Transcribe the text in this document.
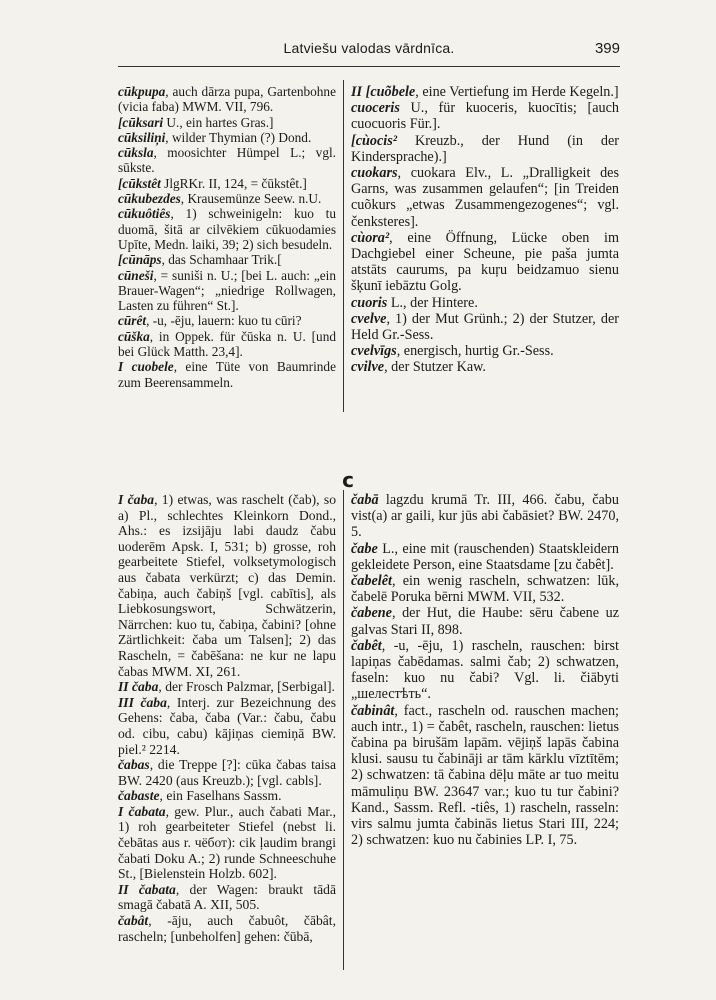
Latviešu valodas vārdnīca.	399

cūkpupa, auch dārza pupa, Gartenbohne (vicia faba) MWM. VII, 796.

[cūksari U., ein hartes Gras.]

cūksiliņi, wilder Thymian (?) Dond.

cūksla, moosichter Hümpel L.; vgl. sūkste.

[cūkstêt JlgRKr. II, 124, = čūkstêt.]

cūkubezdes, Krausemünze Seew. n.U.

cūkuôtiês, 1) schweinigeln: kuo tu duomā, šitā ar cilvēkiem cūkuodamies Upīte, Medn. laiki, 39; 2) sich besudeln.

[cūnāps, das Schamhaar Trik.[

cūneši, = suniši n. U.; [bei L. auch: „ein Brauer-Wagen“; „niedrige Rollwagen, Lasten zu führen“ St.].

cūrêt, -u, -ēju, lauern: kuo tu cūri?

cūška, in Oppek. für čūska n. U. [und bei Glück Matth. 23,4].

I cuobele, eine Tüte von Baumrinde zum Beerensammeln.

II [cuõbele, eine Vertiefung im Herde Kegeln.]

cuoceris U., für kuoceris, kuocītis; [auch cuocuoris Für.].

[cùocis² Kreuzb., der Hund (in der Kindersprache).]

cuokars, cuokara Elv., L. „Dralligkeit des Garns, was zusammen gelaufen“; [in Treiden cuõkurs „etwas Zusammengezogenes“; vgl. čenksteres].

cùora², eine Öffnung, Lücke oben im Dachgiebel einer Scheune, pie paša jumta atstāts caurums, pa kuŗu beidzamuo sienu šķunī iebāztu Golg.

cuoris L., der Hintere.

cvelve, 1) der Mut Grünh.; 2) der Stutzer, der Held Gr.-Sess.

cvelvīgs, energisch, hurtig Gr.-Sess.

cvilve, der Stutzer Kaw.

c

I čaba, 1) etwas, was raschelt (čab), so a) Pl., schlechtes Kleinkorn Dond., Ahs.: es izsijāju labi daudz čabu uoderēm Apsk. I, 531; b) grosse, roh gearbeitete Stiefel, volksetymologisch aus čabata verkürzt; c) das Demin. čabiņa, auch čabiņš [vgl. cabītis], als Liebkosungswort, Schwätzerin, Närrchen: kuo tu, čabiņa, čabini? [ohne Zärtlichkeit: čaba um Talsen]; 2) das Rascheln, = čabēšana: ne kur ne lapu čabas MWM. XI, 261.

II čaba, der Frosch Palzmar, [Serbigal].

III čaba, Interj. zur Bezeichnung des Gehens: čaba, čaba (Var.: čabu, čabu od. cibu, cabu) kājiņas ciemiņā BW. piel.² 2214.

čabas, die Treppe [?]: cūka čabas taisa BW. 2420 (aus Kreuzb.); [vgl. cabls].

čabaste, ein Faselhans Sassm.

I čabata, gew. Plur., auch čabati Mar., 1) roh gearbeiteter Stiefel (nebst li. čebātas aus r. чёбот): cik ļaudim brangi čabati Doku A.; 2) runde Schneeschuhe St., [Bielenstein Holzb. 602].

II čabata, der Wagen: braukt tādā smagā čabatā A. XII, 505.

čabât, -āju, auch čabuôt, čābât, rascheln; [unbeholfen] gehen: čūbā,

čabā lagzdu krumā Tr. III, 466. čabu, čabu vist(a) ar gaili, kur jūs abi čabāsiet? BW. 2470, 5.

čabe L., eine mit (rauschenden) Staatskleidern gekleidete Person, eine Staatsdame [zu čabêt].

čabelêt, ein wenig rascheln, schwatzen: lūk, čabelē Poruka bērni MWM. VII, 532.

čabene, der Hut, die Haube: sēru čabene uz galvas Stari II, 898.

čabêt, -u, -ēju, 1) rascheln, rauschen: birst lapiņas čabēdamas. salmi čab; 2) schwatzen, faseln: kuo nu čabi? Vgl. li. čiābyti „шелестѣть“.

čabinât, fact., rascheln od. rauschen machen; auch intr., 1) = čabêt, rascheln, rauschen: lietus čabina pa birušām lapām. vējiņš lapās čabina klusi. sausu tu čabināji ar tām kārklu vīztītēm; 2) schwatzen: tā čabina dēļu māte ar tuo meitu māmuliņu BW. 23647 var.; kuo tu tur čabini? Kand., Sassm. Refl. -tiês, 1) rascheln, rasseln: virs salmu jumta čabinās lietus Stari III, 224; 2) schwatzen: kuo nu čabinies LP. I, 75.
